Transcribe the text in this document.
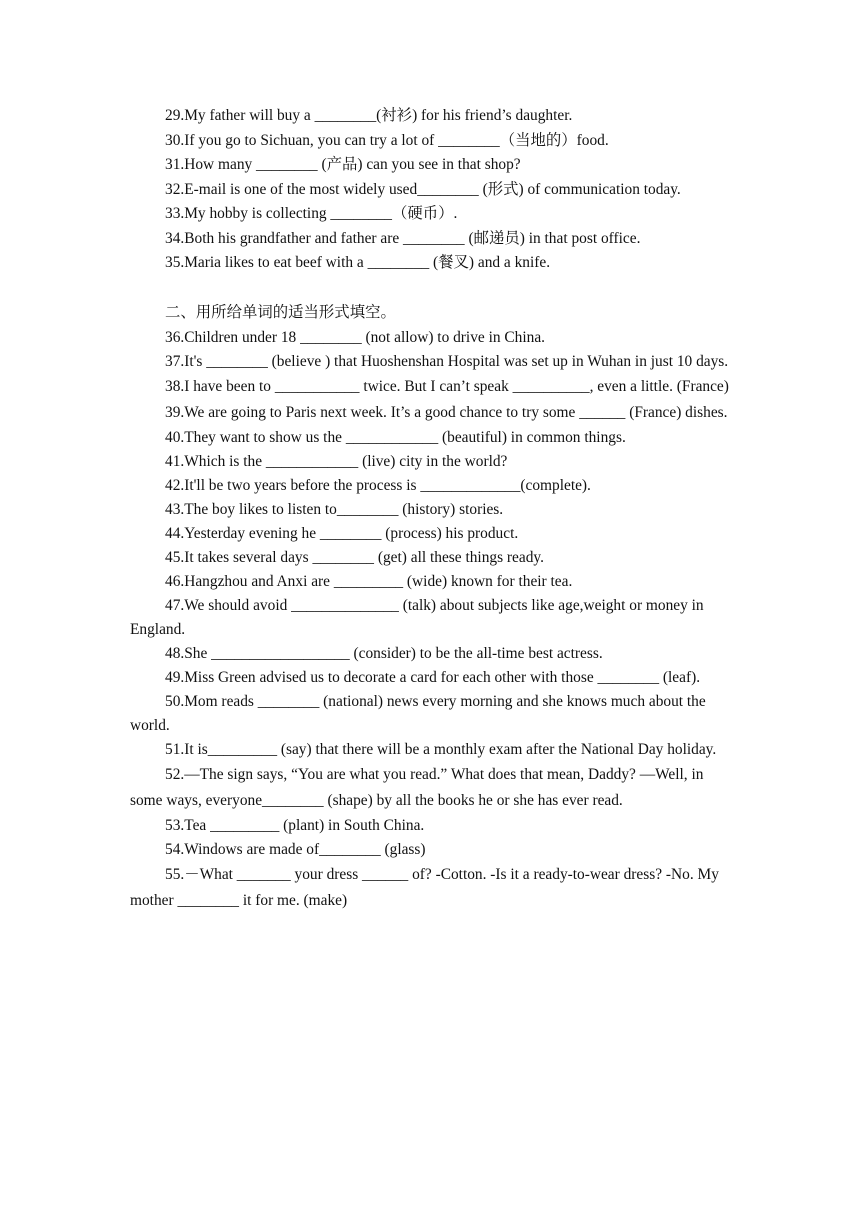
29.My father will buy a ________(衬衫) for his friend’s daughter.

30.If you go to Sichuan, you can try a lot of ________（当地的）food.

31.How many ________ (产品) can you see in that shop?

32.E-mail is one of the most widely used________ (形式) of communication today.

33.My hobby is collecting ________（硬币）.

34.Both his grandfather and father are ________ (邮递员) in that post office.

35.Maria likes to eat beef with a ________ (餐叉) and a knife.

二、用所给单词的适当形式填空。

36.Children under 18 ________ (not allow) to drive in China.

37.It's ________ (believe ) that Huoshenshan Hospital was set up in Wuhan in just 10 days.

38.I have been to ___________ twice. But I can’t speak __________, even a little. (France)

39.We are going to Paris next week. It’s a good chance to try some ______ (France) dishes.

40.They want to show us the ____________ (beautiful) in common things.

41.Which is the ____________ (live) city in the world?

42.It'll be two years before the process is _____________(complete).

43.The boy likes to listen to________ (history) stories.

44.Yesterday evening he ________ (process) his product.

45.It takes several days ________ (get) all these things ready.

46.Hangzhou and Anxi are _________ (wide) known for their tea.

47.We should avoid ______________ (talk) about subjects like age,weight or money in England.

48.She __________________ (consider) to be the all-time best actress.

49.Miss Green advised us to decorate a card for each other with those ________ (leaf).

50.Mom reads ________ (national) news every morning and she knows much about the world.

51.It is_________ (say) that there will be a monthly exam after the National Day holiday.

52.—The sign says, “You are what you read.” What does that mean, Daddy? —Well, in some ways, everyone________ (shape) by all the books he or she has ever read.

53.Tea _________ (plant) in South China.

54.Windows are made of________ (glass)

55.－What _______ your dress ______ of? -Cotton. -Is it a ready-to-wear dress? -No. My mother ________ it for me. (make)
